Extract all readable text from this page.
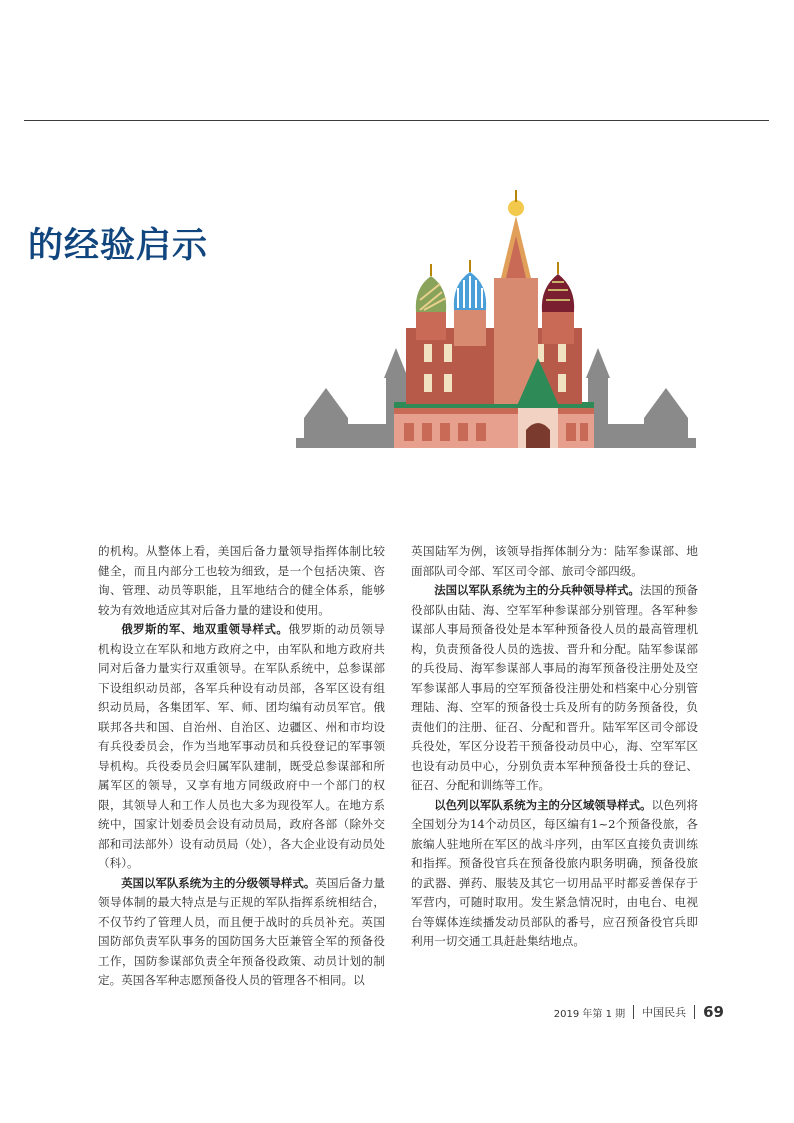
的经验启示

的机构。从整体上看，美国后备力量领导指挥体制比较健全，而且内部分工也较为细致，是一个包括决策、咨询、管理、动员等职能，且军地结合的健全体系，能够较为有效地适应其对后备力量的建设和使用。

俄罗斯的军、地双重领导样式。俄罗斯的动员领导机构设立在军队和地方政府之中，由军队和地方政府共同对后备力量实行双重领导。在军队系统中，总参谋部下设组织动员部，各军兵种设有动员部，各军区设有组织动员局，各集团军、军、师、团均编有动员军官。俄联邦各共和国、自治州、自治区、边疆区、州和市均设有兵役委员会，作为当地军事动员和兵役登记的军事领导机构。兵役委员会归属军队建制，既受总参谋部和所属军区的领导，又享有地方同级政府中一个部门的权限，其领导人和工作人员也大多为现役军人。在地方系统中，国家计划委员会设有动员局，政府各部（除外交部和司法部外）设有动员局（处），各大企业设有动员处（科）。

英国以军队系统为主的分级领导样式。英国后备力量领导体制的最大特点是与正规的军队指挥系统相结合，不仅节约了管理人员，而且便于战时的兵员补充。英国国防部负责军队事务的国防国务大臣兼管全军的预备役工作，国防参谋部负责全年预备役政策、动员计划的制定。英国各军种志愿预备役人员的管理各不相同。以

英国陆军为例，该领导指挥体制分为：陆军参谋部、地面部队司令部、军区司令部、旅司令部四级。

法国以军队系统为主的分兵种领导样式。法国的预备役部队由陆、海、空军军种参谋部分别管理。各军种参谋部人事局预备役处是本军种预备役人员的最高管理机构，负责预备役人员的选拔、晋升和分配。陆军参谋部的兵役局、海军参谋部人事局的海军预备役注册处及空军参谋部人事局的空军预备役注册处和档案中心分别管理陆、海、空军的预备役士兵及所有的防务预备役，负责他们的注册、征召、分配和晋升。陆军军区司令部设兵役处，军区分设若干预备役动员中心，海、空军军区也设有动员中心，分别负责本军种预备役士兵的登记、征召、分配和训练等工作。

以色列以军队系统为主的分区域领导样式。以色列将全国划分为14个动员区，每区编有1~2个预备役旅，各旅编人驻地所在军区的战斗序列，由军区直接负责训练和指挥。预备役官兵在预备役旅内职务明确，预备役旅的武器、弹药、服装及其它一切用品平时都妥善保存于军营内，可随时取用。发生紧急情况时，由电台、电视台等媒体连续播发动员部队的番号，应召预备役官兵即利用一切交通工具赶赴集结地点。

2019 年第 1 期 中国民兵 69
